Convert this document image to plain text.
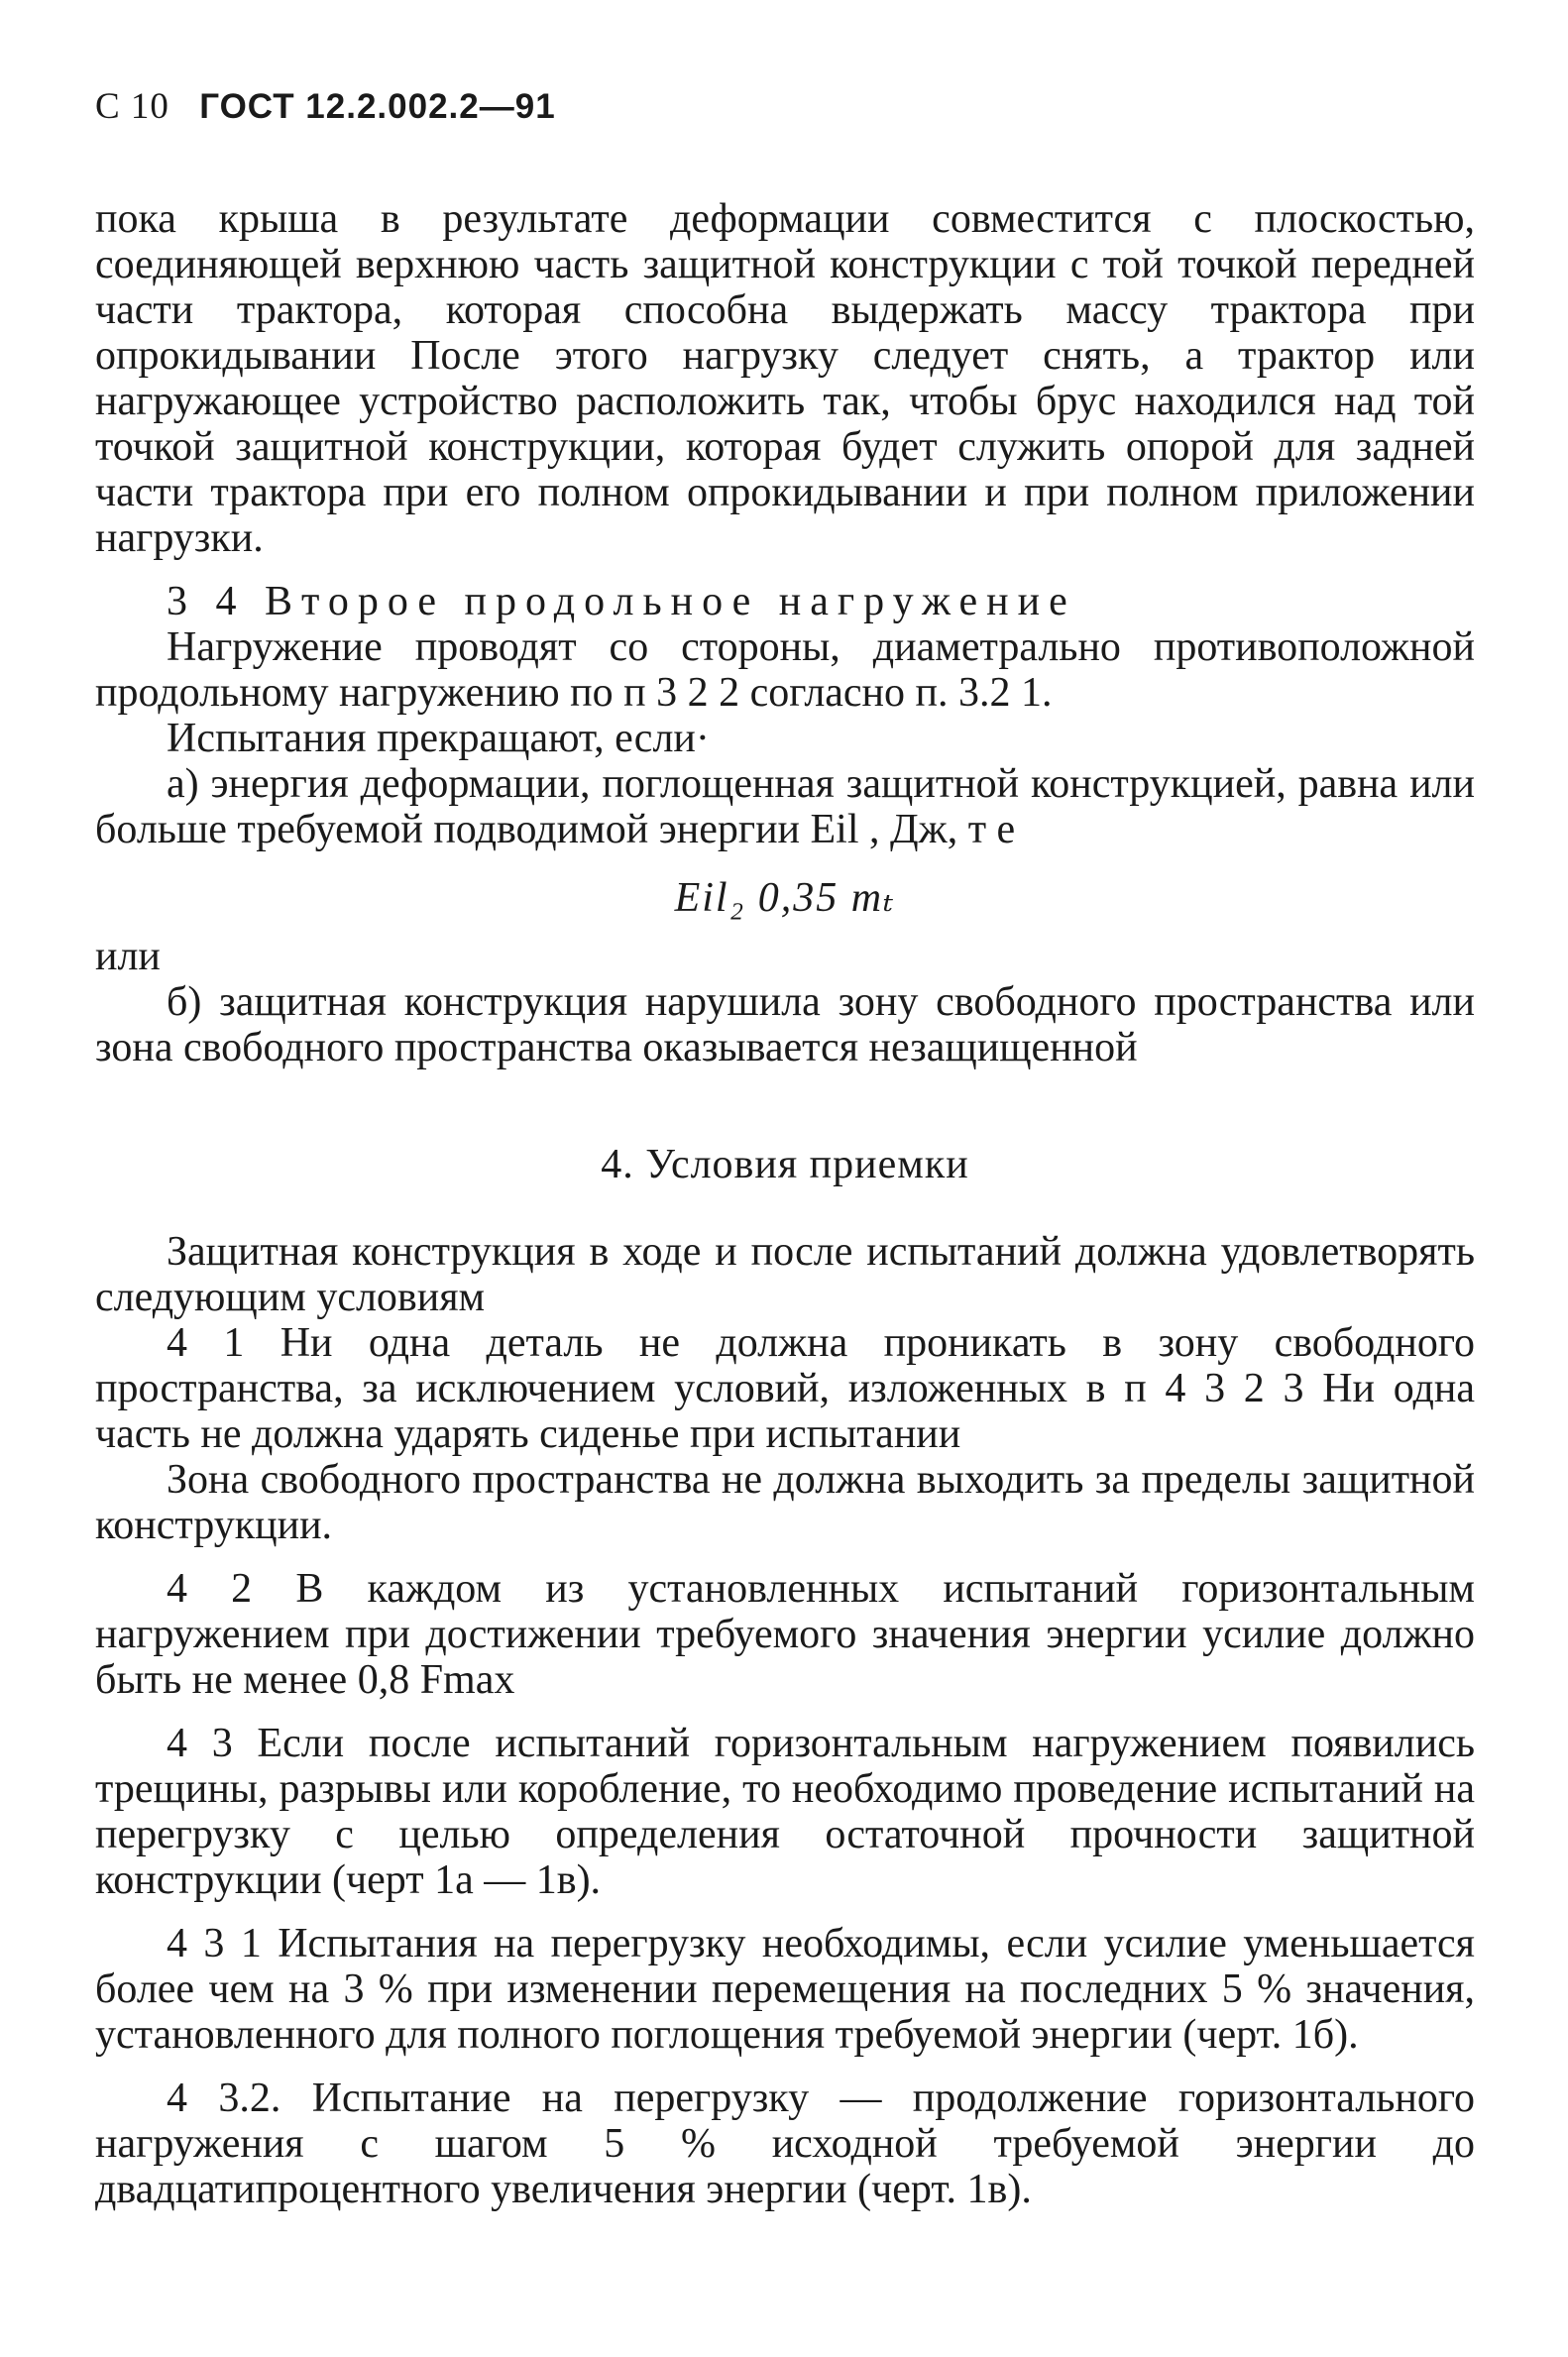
С 10 ГОСТ 12.2.002.2—91

пока крыша в результате деформации совместится с плоскостью, соединяющей верхнюю часть защитной конструкции с той точкой передней части трактора, которая способна выдержать массу трактора при опрокидывании После этого нагрузку следует снять, а трактор или нагружающее устройство расположить так, чтобы брус находился над той точкой защитной конструкции, которая будет служить опорой для задней части трактора при его полном опрокидывании и при полном приложении нагрузки.

3 4 Второе продольное нагружение

Нагружение проводят со стороны, диаметрально противоположной продольному нагружению по п 3 2 2 согласно п. 3.2 1.

Испытания прекращают, если·

а) энергия деформации, поглощенная защитной конструкцией, равна или больше требуемой подводимой энергии Eil , Дж, т е

Eil₂ 0,35 mₜ

или

б) защитная конструкция нарушила зону свободного пространства или зона свободного пространства оказывается незащищенной

4. Условия приемки

Защитная конструкция в ходе и после испытаний должна удовлетворять следующим условиям

4 1 Ни одна деталь не должна проникать в зону свободного пространства, за исключением условий, изложенных в п 4 3 2 3 Ни одна часть не должна ударять сиденье при испытании

Зона свободного пространства не должна выходить за пределы защитной конструкции.

4 2 В каждом из установленных испытаний горизонтальным нагружением при достижении требуемого значения энергии усилие должно быть не менее 0,8 Fmax

4 3 Если после испытаний горизонтальным нагружением появились трещины, разрывы или коробление, то необходимо проведение испытаний на перегрузку с целью определения остаточной прочности защитной конструкции (черт 1а — 1в).

4 3 1 Испытания на перегрузку необходимы, если усилие уменьшается более чем на 3 % при изменении перемещения на последних 5 % значения, установленного для полного поглощения требуемой энергии (черт. 1б).

4 3.2. Испытание на перегрузку — продолжение горизонтального нагружения с шагом 5 % исходной требуемой энергии до двадцатипроцентного увеличения энергии (черт. 1в).
